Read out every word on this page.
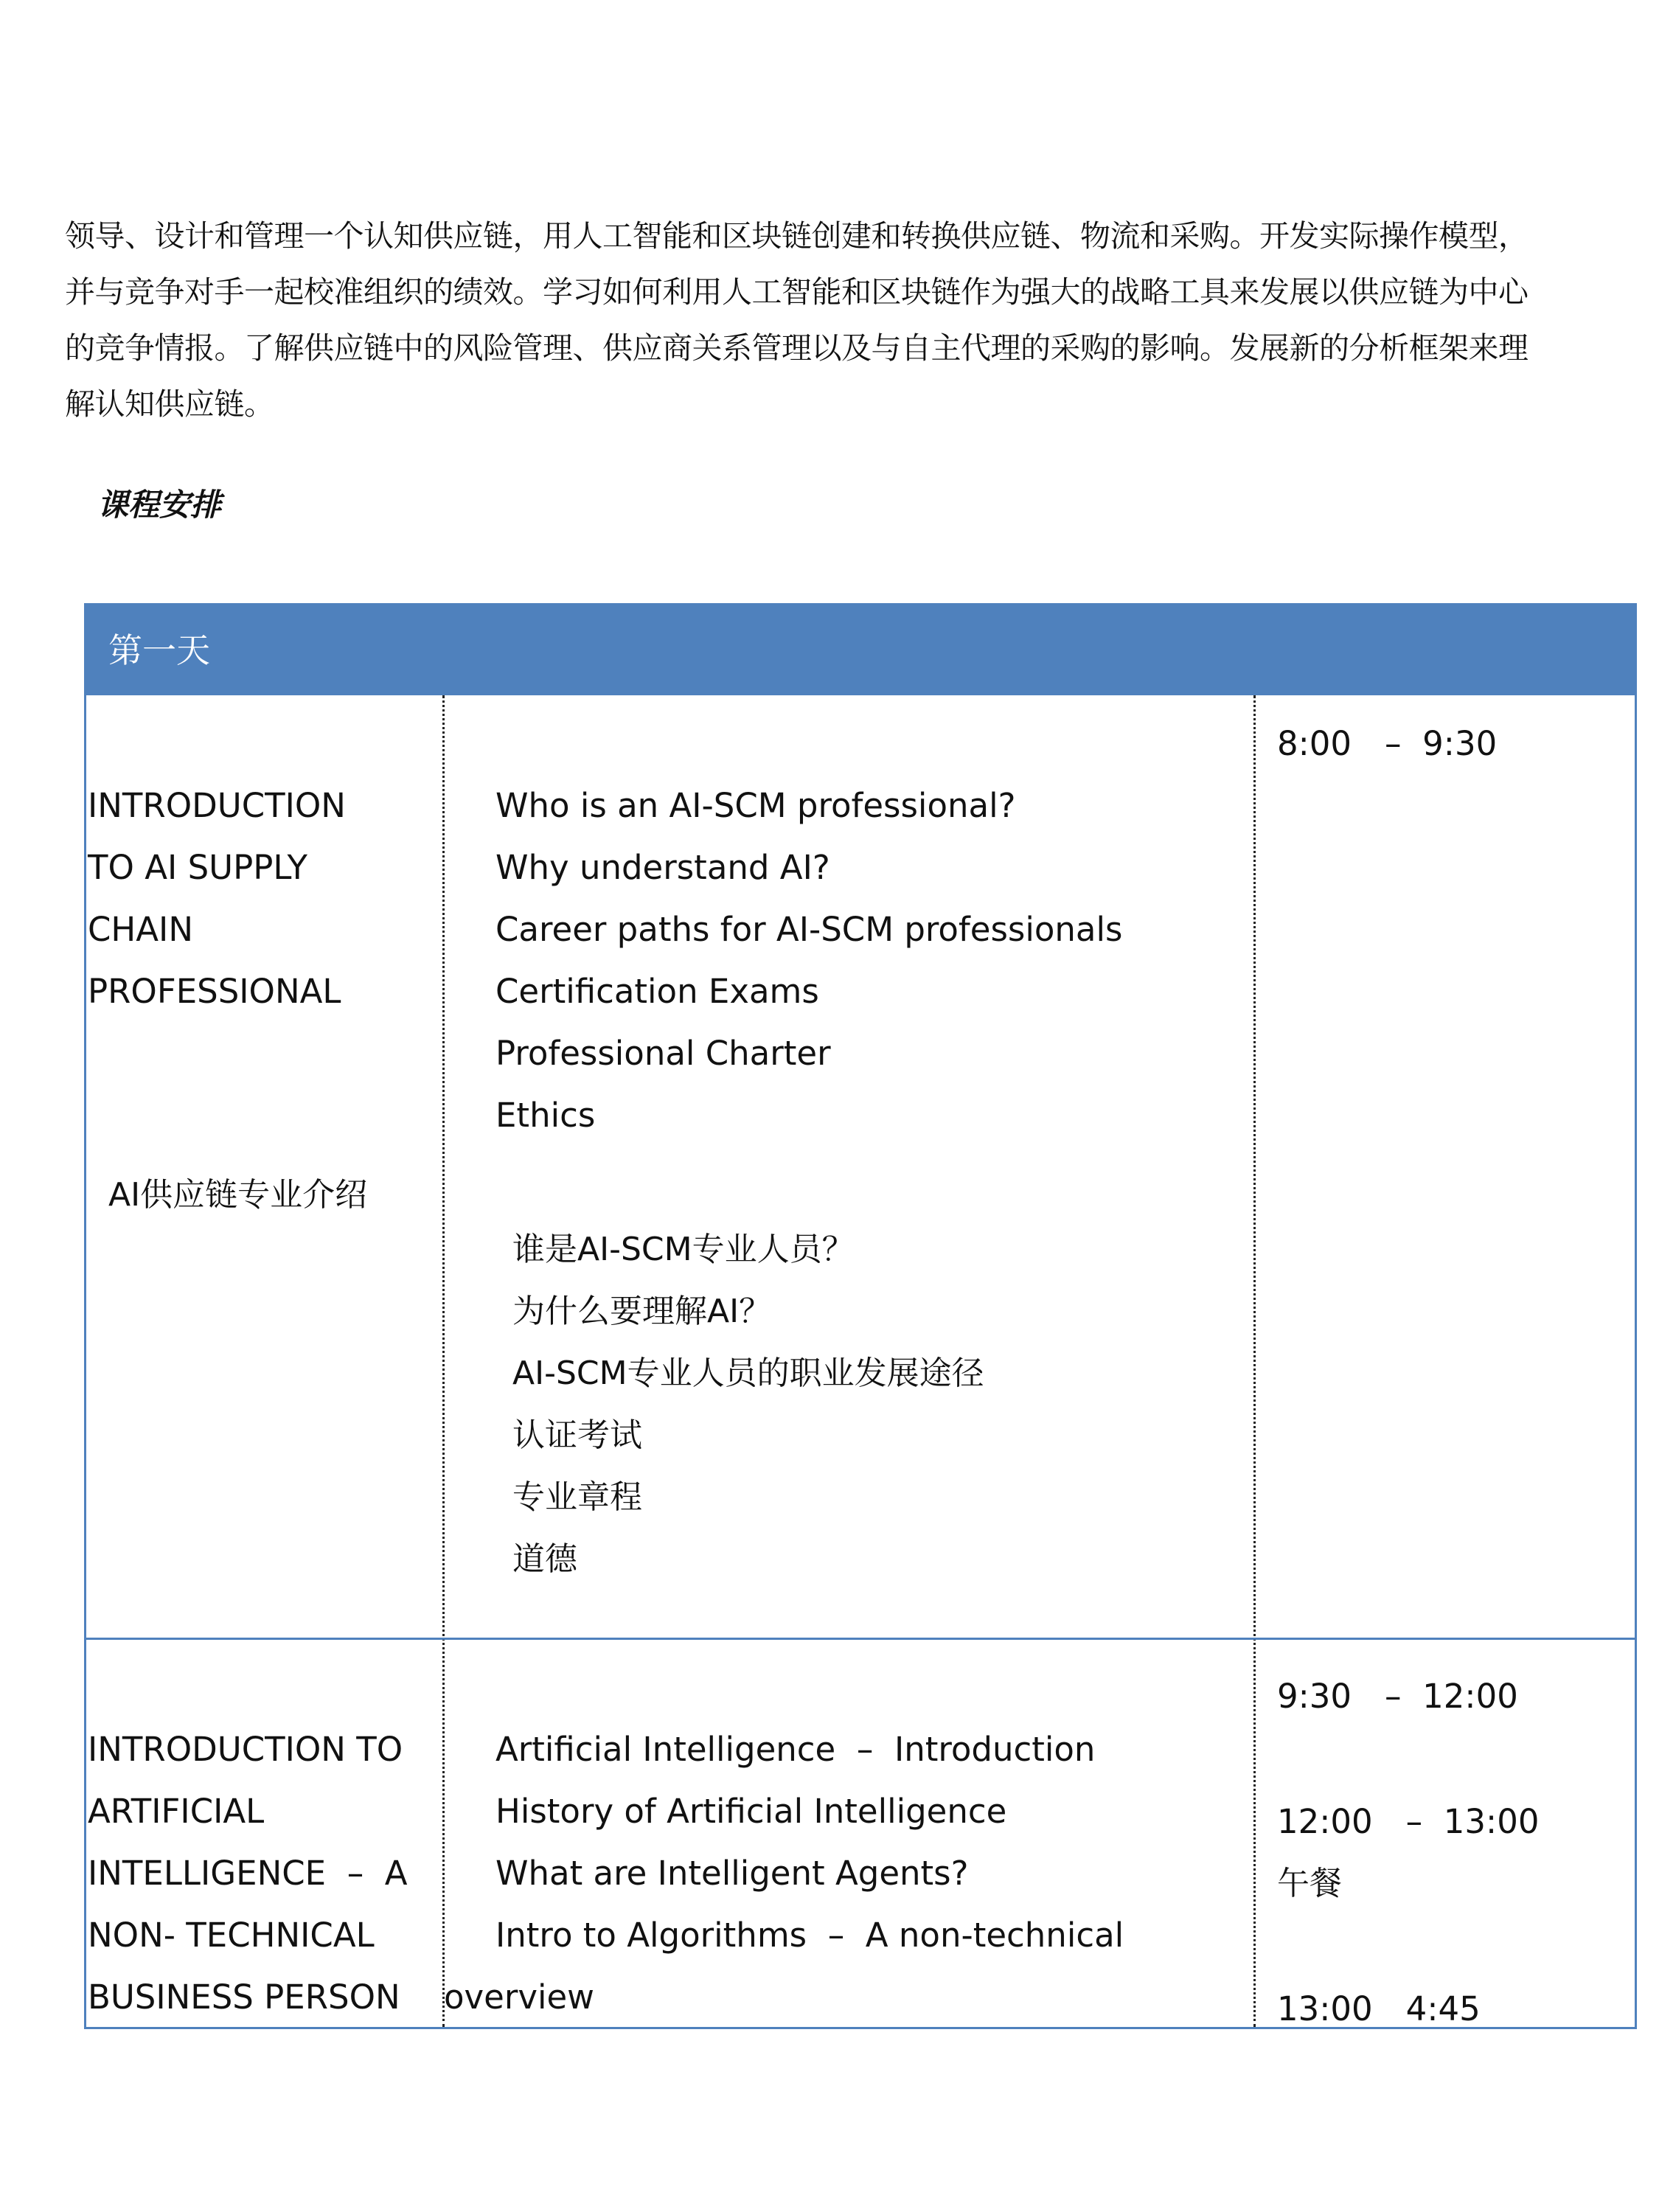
领导、设计和管理一个认知供应链，用人工智能和区块链创建和转换供应链、物流和采购。开发实际操作模型，
并与竞争对手一起校准组织的绩效。学习如何利用人工智能和区块链作为强大的战略工具来发展以供应链为中心
的竞争情报。了解供应链中的风险管理、供应商关系管理以及与自主代理的采购的影响。发展新的分析框架来理
解认知供应链。
课程安排
第一天
INTRODUCTION
TO AI SUPPLY
CHAIN
PROFESSIONAL
AI供应链专业介绍
Who is an AI-SCM professional?
Why understand AI?
Career paths for AI-SCM professionals
Certification Exams
Professional Charter
Ethics
谁是AI-SCM专业人员？
为什么要理解AI？
AI-SCM专业人员的职业发展途径
认证考试
专业章程
道德
8:00　–  9:30
INTRODUCTION TO
ARTIFICIAL
INTELLIGENCE  –  A
NON- TECHNICAL
BUSINESS PERSON
Artificial Intelligence  –  Introduction
History of Artificial Intelligence
What are Intelligent Agents?
Intro to Algorithms  –  A non-technical
overview
9:30　–  12:00
12:00　–  13:00
午餐
13:00　4:45
